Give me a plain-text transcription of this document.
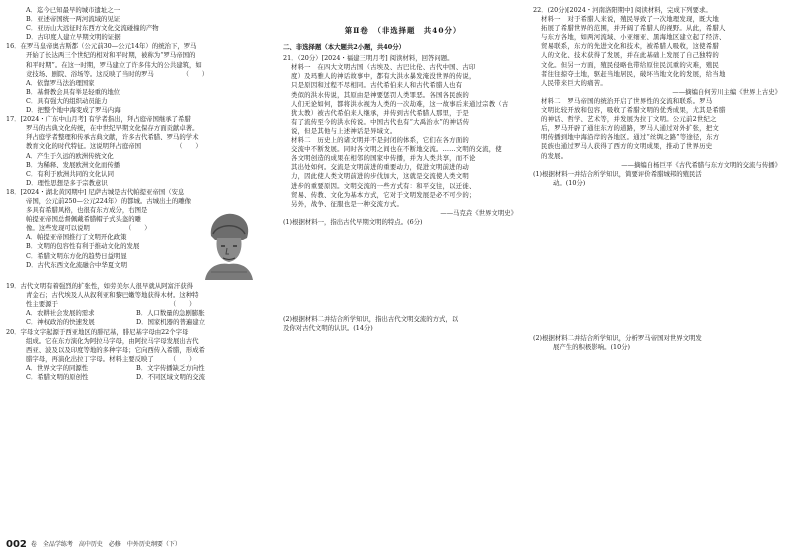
A．迄今已知最早的城市遗址之一

B．亚述帝国统一两河流域的见证

C．亚历山大远征时东西方文化交流碰撞的产物

D．古印度人建立早期文明的证据

16．在罗马皇帝奥古斯都（公元前30—公元14年）的统治下，罗马

开始了长达两三个世纪的相对和平时期，被称为“罗马帝国的

和平时期”。在这一时期，罗马建立了许多伟大的公共建筑，如

竞技场、剧院、浴场等。这反映了当时的罗马　　　　　（　　）

A．依靠罗马法治理国家

B．基督教会具有举足轻重的地位

C．具有强大的组织动员能力

D．把整个地中海变成了罗马内海

17．[2024・广东中山月考] 有学者指出，拜占庭帝国继承了希腊

罗马的古典文化传统，在中世纪早期文化保存方面贡献卓著。

拜占庭学者整理和传承古典文献，许多古代希腊、罗马的学术

教育文化的时代特征。这说明拜占庭帝国　　　　　　（　　）

A．产生于久远的欧洲传统文化

B．为稀释、发展欧洲文化而传播

C．有利于欧洲共同的文化认同

D．理性思想是多于宗教意识

18．[2024・湖北黄冈期中] 尼萨古城是古代帕提亚帝国（安息

帝国，公元前250—公元224年）的都城。古城出土的雕像

多具有希腊风格，也很有东方成分，右图是

帕提亚帝国总督佩戴希腊帽子式头盔的雕

像。这些发现可以说明　　　　　　（　　）

A．帕提亚帝国推行了文明开化政策

B．文明的包容性有利于推动文化的发展

C．希腊文明东方化的趋势日益明显

D．古代东西文化流融合中华夏文明

19．古代文明有着强烈的扩张性，如劳美尔人很早就从阿富汗获得

青金石；古代埃及人从叙利亚和黎巴嫩等地获得木材。这种特

性主要源于　　　　　　　　　　　　　　　　　　（　　）

A．农耕社会发展的需求	B．人口数量的急剧膨胀
C．神权政治的快速发展	D．国家机器的普遍建立

20．字母文字起源于西亚地区的腓尼基，腓尼基字母由22个字母

组成。它在东方演化为阿拉马字母，由阿拉马字母发展出古代

西亚、波及以及印度等地的多种字母；它向西传入希腊，形成希

腊字母，再演化出拉丁字母。材料主要反映了　　　（　　）

A．世界文字的同源性	B．文字传播缺乏方向性
C．希腊文明的原创性	D．不同区域文明的交流

第Ⅱ卷　（非选择题　共40分）

二、非选择题（本大题共2小题，共40分）

21．（20分）[2024・福建三明月考] 阅读材料，回答问题。

材料一　在四大文明古国（古埃及、古巴比伦、古代中国、古印

度）及玛雅人的神话故事中，都有大洪水暴发淹没世界的传说，

只是原因和过程不尽相同。古代希伯来人和古代希腊人也有

类似的洪水传说，其原由是神要惩罚人类罪恶。各国各民族的

人们无论如何，都将洪水视为人类的一次劫难，这一故事后来通过宗教（古

犹太教）被古代希伯来人继承，并传到古代希腊人那里，于是

有了流传至今的洪水传说。中国古代也有“大禹治水”的神话传

说，但是其他与上述神话是异域文。

材料二　历史上的诸文明并不是封闭的体系，它们在各方面的

交流中不断发展。同时各文明之间也在不断地交流。……文明的交流，使

各文明创造的成果在相邻的国家中传播，并为人类共享，而不论

其出处如何。交流是文明前进的重要动力，促进文明前进的动

力，因此使人类文明前进的步伐加大，这就是交流使人类文明

进步的重要原因。文明交流的一些方式有：和平交往，以迁徙、

贸易、传教、文化为基本方式，它对于文明发展是必不可少的；

另外，战争、征服也是一种交流方式。

——马克垚《世界文明史》

(1)根据材料一，指出古代早期文明的特点。(6分)

(2)根据材料二并结合所学知识，指出古代文明交流的方式，以

及你对古代文明的认识。(14分)

22．(20分)[2024・河南洛阳期中] 阅读材料，完成下列要求。

材料一　对于希腊人来说，殖民导致了一次地理发现，既大地

拓展了希腊世界的范围，并开阔了希腊人的视野。从此，希腊人

与东方各地，如两河流域、小亚细亚、黑海地区建立起了经济、

贸易联系，东方的先进文化和技术，被希腊人吸收，这使希腊

人的文化、技术获得了发展，并在此基础上发展了自己独特的

文化。但另一方面，殖民侵略也带给原住民沉重的灾难，殖民

者往往掠夺土地，驱赶当地居民，破坏当地文化的发展，给当地

人民带来巨大的痛苦。

——摘编自何芳川主编《世界上古史》

材料二　罗马帝国的统治开启了世界性的交流和联系。罗马

文明比较开放和包容，吸收了希腊文明的优秀成果，尤其是希腊

的神话、哲学、艺术等，并发展为拉丁文明。公元前2世纪之

后，罗马开辟了通往东方的道路，罗马人通过对外扩张，把文

明传播到地中海沿岸的各地区。通过“丝绸之路”等途径，东方

民族也通过罗马人获得了西方的文明成果，推动了世界历史

的发展。

——摘编自杨巨平《古代希腊与东方文明的交流与传播》

(1)根据材料一并结合所学知识，简要评价希腊城邦的殖民活

动。(10分)

(2)根据材料二并结合所学知识，分析罗马帝国对世界文明发

展产生的积极影响。(10分)

002 卷　全品学练考　高中历史　必修　中外历史纲要（下）
